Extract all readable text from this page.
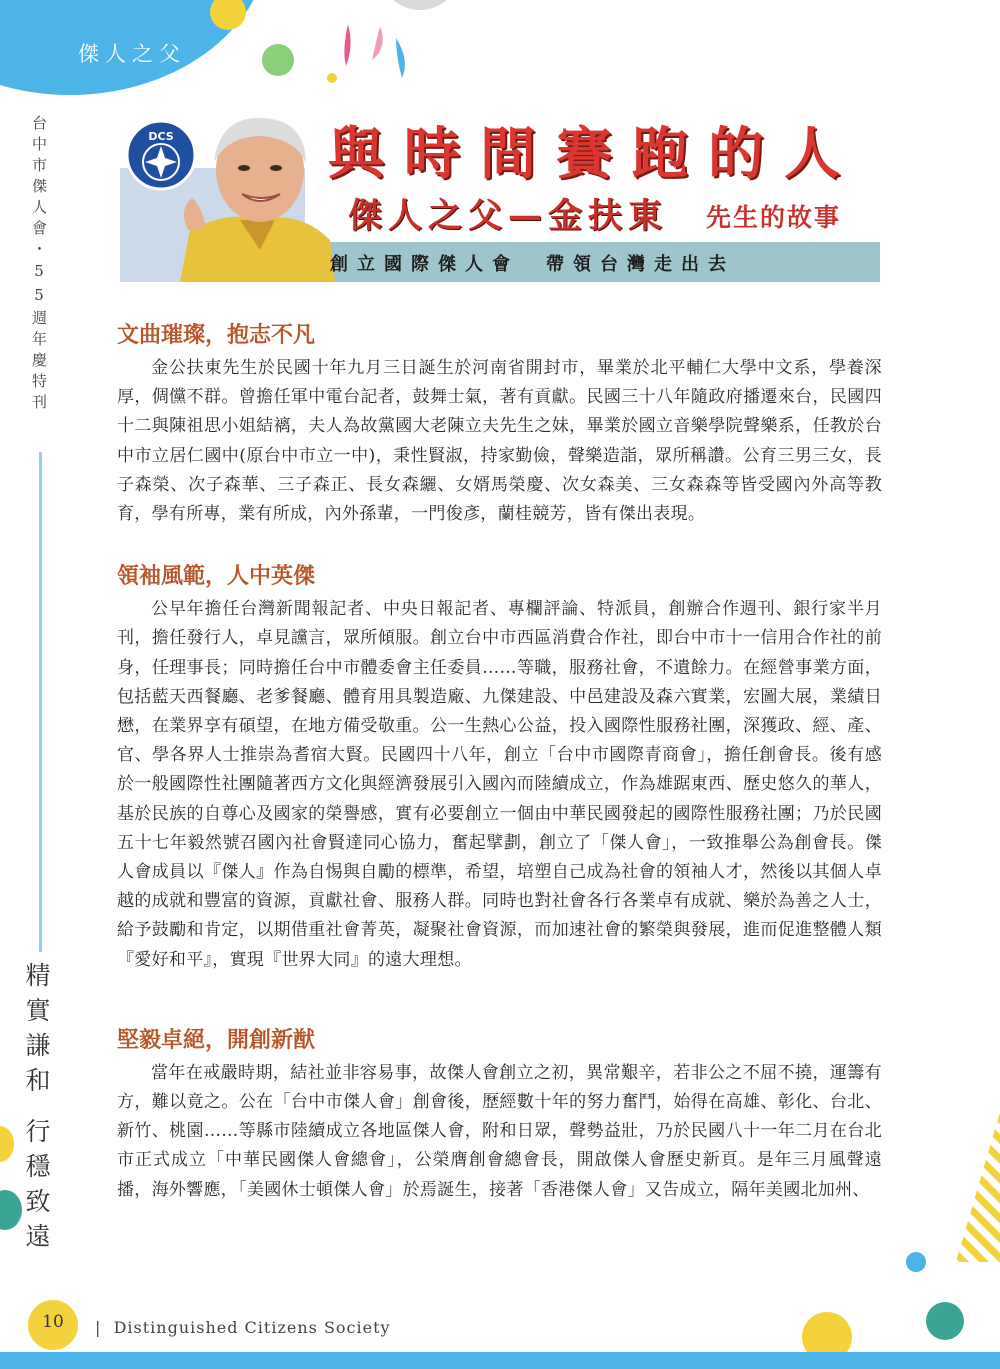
傑人之父
台中市傑人會・55週年慶特刊
精實謙和
行穩致遠
DCS	與時間賽跑的人
傑人之父—金扶東 先生的故事
創立國際傑人會　帶領台灣走出去
文曲璀璨，抱志不凡

金公扶東先生於民國十年九月三日誕生於河南省開封市，畢業於北平輔仁大學中文系，學養深厚，倜儻不群。曾擔任軍中電台記者，鼓舞士氣，著有貢獻。民國三十八年隨政府播遷來台，民國四十二與陳祖思小姐結褵，夫人為故黨國大老陳立夫先生之妹，畢業於國立音樂學院聲樂系，任教於台中市立居仁國中(原台中市立一中)，秉性賢淑，持家勤儉，聲樂造詣，眾所稱讚。公育三男三女，長子森榮、次子森華、三子森正、長女森纚、女婿馬榮慶、次女森美、三女森森等皆受國內外高等教育，學有所專，業有所成，內外孫輩，一門俊彥，蘭桂競芳，皆有傑出表現。

領袖風範，人中英傑

公早年擔任台灣新聞報記者、中央日報記者、專欄評論、特派員，創辦合作週刊、銀行家半月刊，擔任發行人，卓見讜言，眾所傾服。創立台中市西區消費合作社，即台中市十一信用合作社的前身，任理事長；同時擔任台中市體委會主任委員……等職，服務社會，不遺餘力。在經營事業方面，包括藍天西餐廳、老爹餐廳、體育用具製造廠、九傑建設、中邑建設及森六實業，宏圖大展，業績日懋，在業界享有碩望，在地方備受敬重。公一生熱心公益，投入國際性服務社團，深獲政、經、產、官、學各界人士推崇為耆宿大賢。民國四十八年，創立「台中市國際青商會」，擔任創會長。後有感於一般國際性社團隨著西方文化與經濟發展引入國內而陸續成立，作為雄踞東西、歷史悠久的華人，基於民族的自尊心及國家的榮譽感，實有必要創立一個由中華民國發起的國際性服務社團；乃於民國五十七年毅然號召國內社會賢達同心協力，奮起擘劃，創立了「傑人會」，一致推舉公為創會長。傑人會成員以『傑人』作為自惕與自勵的標準，希望，培塑自己成為社會的領袖人才，然後以其個人卓越的成就和豐富的資源，貢獻社會、服務人群。同時也對社會各行各業卓有成就、樂於為善之人士，給予鼓勵和肯定，以期借重社會菁英，凝聚社會資源，而加速社會的繁榮與發展，進而促進整體人類『愛好和平』，實現『世界大同』的遠大理想。

堅毅卓絕，開創新猷

當年在戒嚴時期，結社並非容易事，故傑人會創立之初，異常艱辛，若非公之不屈不撓，運籌有方，難以竟之。公在「台中市傑人會」創會後，歷經數十年的努力奮鬥，始得在高雄、彰化、台北、新竹、桃園……等縣市陸續成立各地區傑人會，附和日眾，聲勢益壯，乃於民國八十一年二月在台北市正式成立「中華民國傑人會總會」，公榮膺創會總會長，開啟傑人會歷史新頁。是年三月風聲遠播，海外響應，「美國休士頓傑人會」於焉誕生，接著「香港傑人會」又告成立，隔年美國北加州、

10	|  Distinguished Citizens Society
